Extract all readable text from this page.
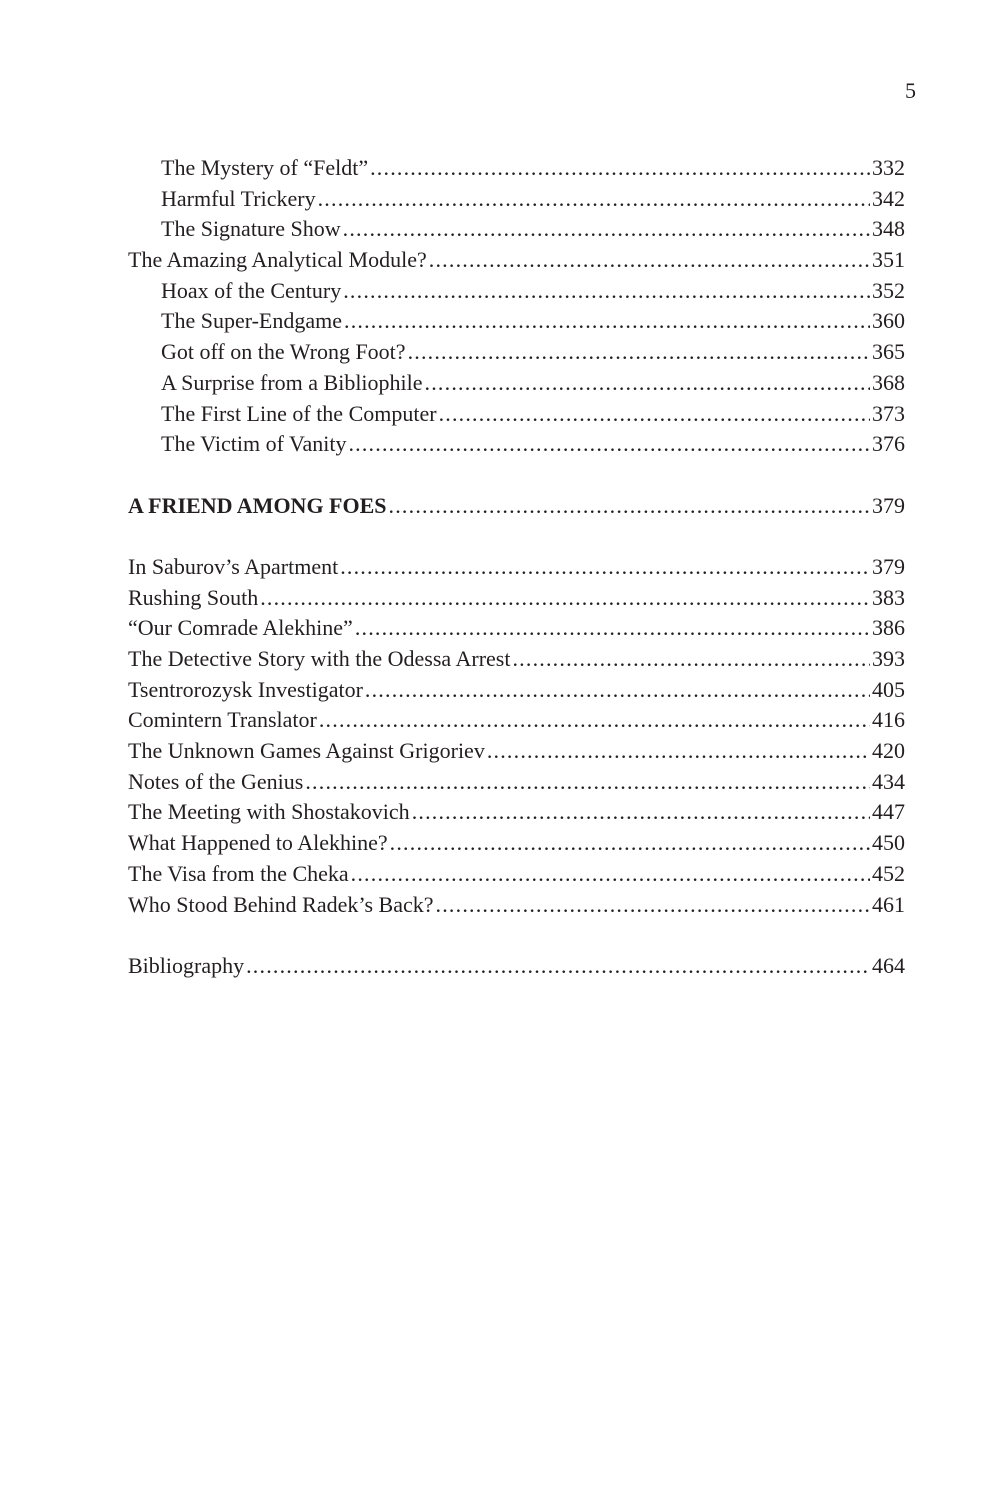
5
The Mystery of “Feldt” .....	332
Harmful Trickery .....	342
The Signature Show .....	348
The Amazing Analytical Module? .....	351
Hoax of the Century .....	352
The Super-Endgame .....	360
Got off on the Wrong Foot? .....	365
A Surprise from a Bibliophile .....	368
The First Line of the Computer .....	373
The Victim of Vanity .....	376
A FRIEND AMONG FOES .....	379
In Saburov’s Apartment .....	379
Rushing South .....	383
“Our Comrade Alekhine” .....	386
The Detective Story with the Odessa Arrest .....	393
Tsentrorozysk Investigator .....	405
Comintern Translator .....	416
The Unknown Games Against Grigoriev .....	420
Notes of the Genius .....	434
The Meeting with Shostakovich .....	447
What Happened to Alekhine? .....	450
The Visa from the Cheka .....	452
Who Stood Behind Radek’s Back? .....	461
Bibliography .....	464
